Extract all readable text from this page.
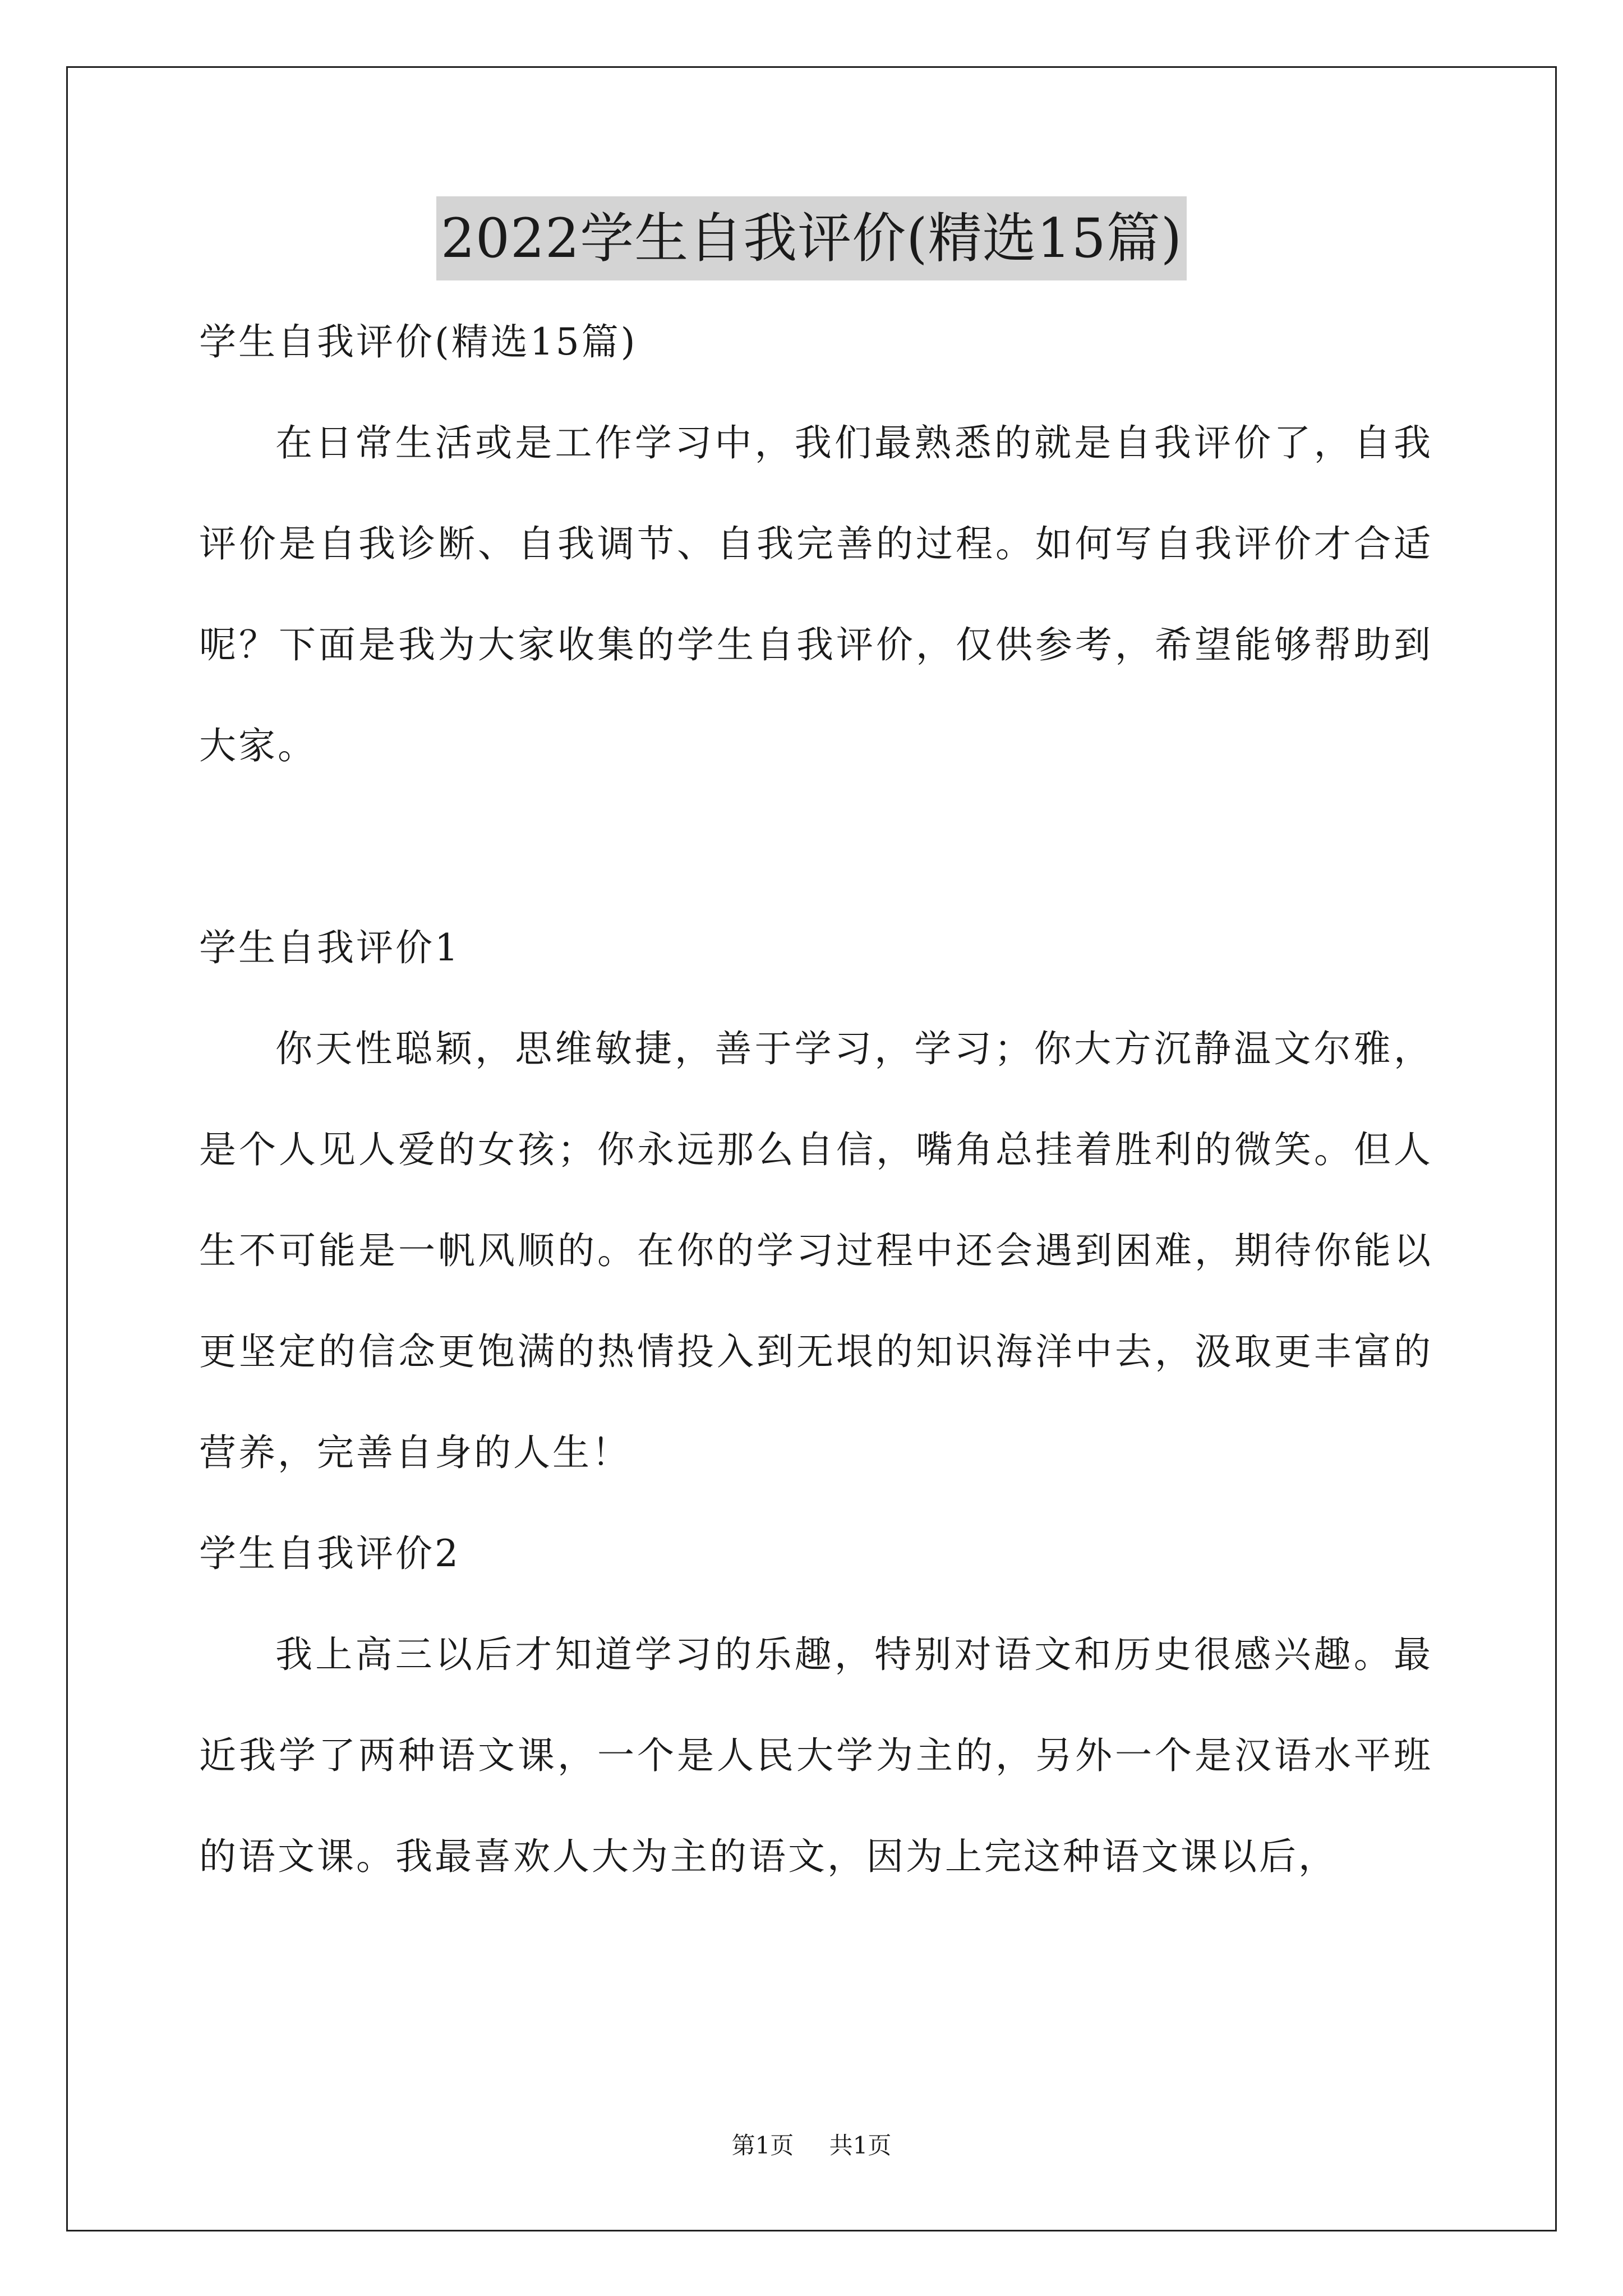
2022学生自我评价(精选15篇)

学生自我评价(精选15篇)

在日常生活或是工作学习中，我们最熟悉的就是自我评价了，自我评价是自我诊断、自我调节、自我完善的过程。如何写自我评价才合适呢？下面是我为大家收集的学生自我评价，仅供参考，希望能够帮助到大家。

学生自我评价1

你天性聪颖，思维敏捷，善于学习，学习；你大方沉静温文尔雅，是个人见人爱的女孩；你永远那么自信，嘴角总挂着胜利的微笑。但人生不可能是一帆风顺的。在你的学习过程中还会遇到困难，期待你能以更坚定的信念更饱满的热情投入到无垠的知识海洋中去，汲取更丰富的营养，完善自身的人生！

学生自我评价2

我上高三以后才知道学习的乐趣，特别对语文和历史很感兴趣。最近我学了两种语文课，一个是人民大学为主的，另外一个是汉语水平班的语文课。我最喜欢人大为主的语文，因为上完这种语文课以后，

第1页 共1页
